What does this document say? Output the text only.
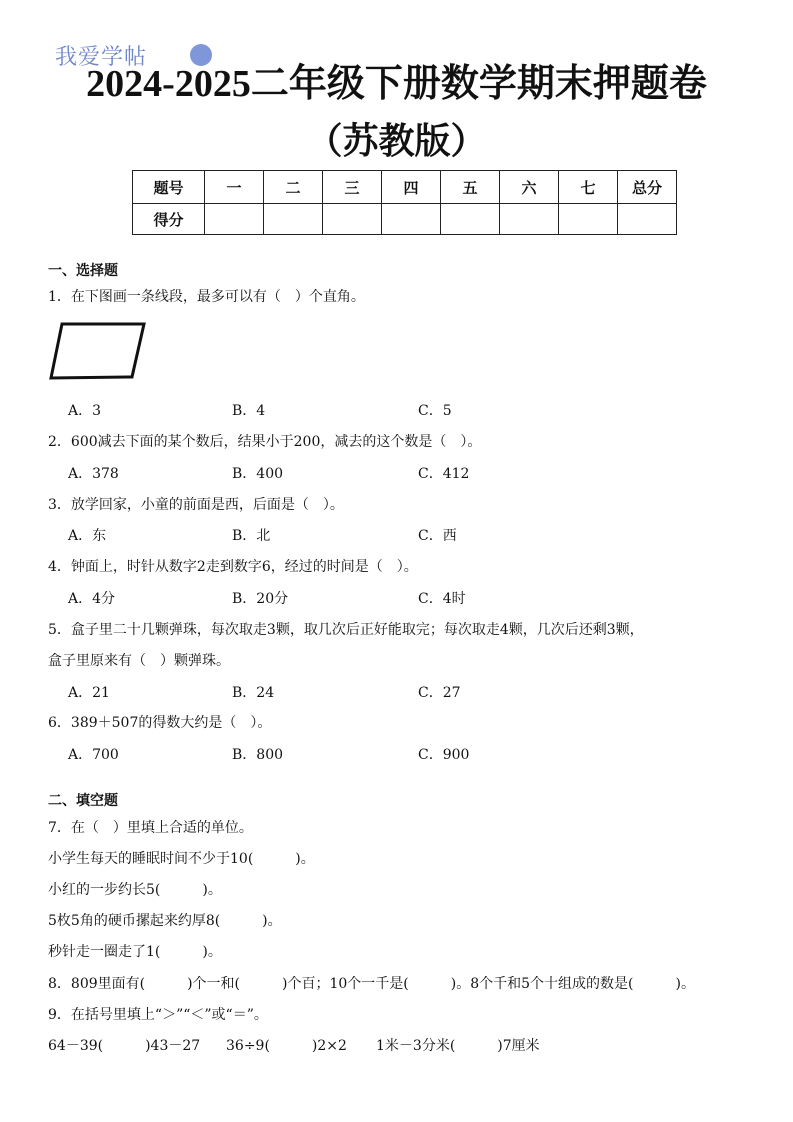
我爱学帖
2024-2025二年级下册数学期末押题卷
（苏教版）
题号	一	二	三	四	五	六	七	总分
得分								
一、选择题
1．在下图画一条线段，最多可以有（　）个直角。
A．3	B．4	C．5
2．600减去下面的某个数后，结果小于200，减去的这个数是（　）。
A．378	B．400	C．412
3．放学回家，小童的前面是西，后面是（　）。
A．东	B．北	C．西
4．钟面上，时针从数字2走到数字6，经过的时间是（　）。
A．4分	B．20分	C．4时
5．盒子里二十几颗弹珠，每次取走3颗，取几次后正好能取完；每次取走4颗，几次后还剩3颗，
盒子里原来有（　）颗弹珠。
A．21	B．24	C．27
6．389＋507的得数大约是（　）。
A．700	B．800	C．900
二、填空题
7．在（　）里填上合适的单位。
小学生每天的睡眠时间不少于10(　　　)。
小红的一步约长5(　　　)。
5枚5角的硬币摞起来约厚8(　　　)。
秒针走一圈走了1(　　　)。
8．809里面有(　　　)个一和(　　　)个百；10个一千是(　　　)。8个千和5个十组成的数是(　　　)。
9．在括号里填上“＞”“＜”或“＝”。
64－39(　　　)43－27 36÷9(　　　)2×2 1米－3分米(　　　)7厘米
